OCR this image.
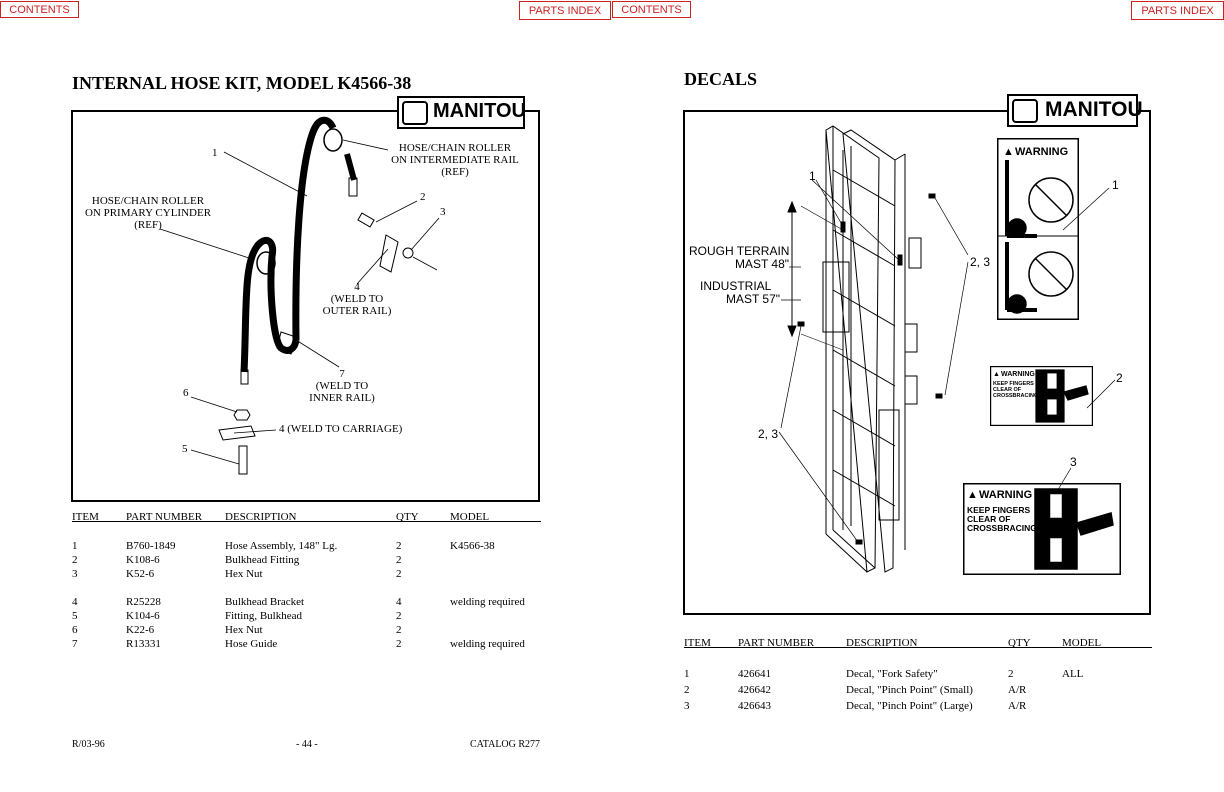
CONTENTS	PARTS INDEX	CONTENTS	PARTS INDEX
INTERNAL HOSE KIT, MODEL K4566-38
MANITOU
1	HOSE/CHAIN ROLLER
ON INTERMEDIATE RAIL
(REF)
HOSE/CHAIN ROLLER
ON PRIMARY CYLINDER
(REF)
2
3
4
(WELD TO
OUTER RAIL)
7
(WELD TO
INNER RAIL)
6
4 (WELD TO CARRIAGE)
5
ITEM	PART NUMBER	DESCRIPTION	QTY	MODEL

1	B760-1849	Hose Assembly, 148" Lg.	2	K4566-38
2	K108-6	Bulkhead Fitting	2	
3	K52-6	Hex Nut	2	

4	R25228	Bulkhead Bracket	4	welding required
5	K104-6	Fitting, Bulkhead	2	
6	K22-6	Hex Nut	2	
7	R13331	Hose Guide	2	welding required
R/03-96	- 44 -	CATALOG R277
DECALS
MANITOU
▲ WARNING
▲ WARNING
KEEP FINGERS
CLEAR OF
CROSSBRACING
▲ WARNING
KEEP FINGERS
CLEAR OF
CROSSBRACING
1
1
ROUGH TERRAIN
MAST 48"
INDUSTRIAL
MAST 57"
2, 3
2, 3
2
3
ITEM	PART NUMBER	DESCRIPTION	QTY	MODEL

1	426641	Decal, "Fork Safety"	2	ALL
2	426642	Decal, "Pinch Point" (Small)	A/R	
3	426643	Decal, "Pinch Point" (Large)	A/R	
